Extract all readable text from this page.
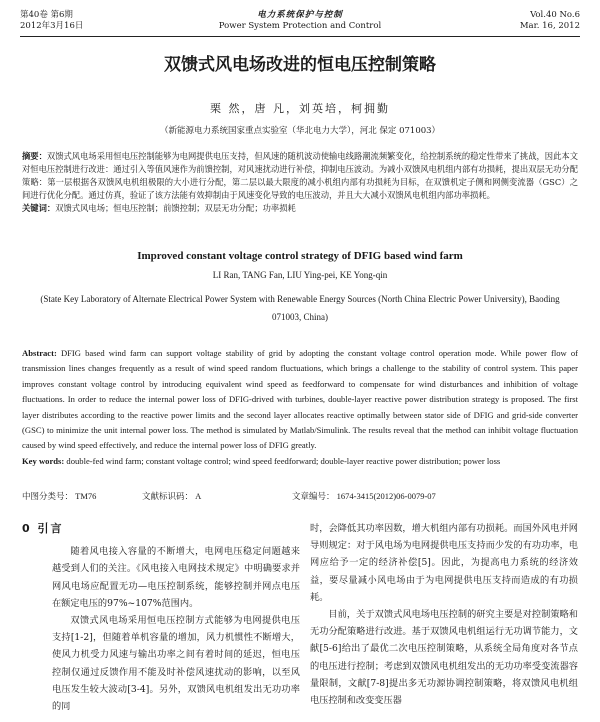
第40卷 第6期
2012年3月16日
电力系统保护与控制
Power System Protection and Control
Vol.40 No.6
Mar. 16, 2012
双馈式风电场改进的恒电压控制策略
栗 然，唐 凡，刘英培，柯拥勤
（新能源电力系统国家重点实验室（华北电力大学），河北 保定 071003）
摘要：双馈式风电场采用恒电压控制能够为电网提供电压支持，但风速的随机波动使输电线路潮流频繁变化，给控制系统的稳定性带来了挑战，因此本文对恒电压控制进行改进：通过引入等值风速作为前馈控制，对风速扰动进行补偿，抑制电压波动。为减小双馈风电机组内部有功损耗，提出双层无功分配策略：第一层根据各双馈风电机组极限的大小进行分配，第二层以最大限度的减小机组内部有功损耗为目标，在双馈机定子侧和网侧变流器（GSC）之间进行优化分配。通过仿真，验证了该方法能有效抑制由于风速变化导致的电压波动，并且大大减小双馈风电机组内部功率损耗。
关键词：双馈式风电场；恒电压控制；前馈控制；双层无功分配；功率损耗
Improved constant voltage control strategy of DFIG based wind farm
LI Ran, TANG Fan, LIU Ying-pei, KE Yong-qin
(State Key Laboratory of Alternate Electrical Power System with Renewable Energy Sources (North China Electric Power University), Baoding 071003, China)
Abstract: DFIG based wind farm can support voltage stability of grid by adopting the constant voltage control operation mode. While power flow of transmission lines changes frequently as a result of wind speed random fluctuations, which brings a challenge to the stability of control system. This paper improves constant voltage control by introducing equivalent wind speed as feedforward to compensate for wind disturbances and inhibition of voltage fluctuations. In order to reduce the internal power loss of DFIG-drived with turbines, double-layer reactive power distribution strategy is proposed. The first layer distributes according to the reactive power limits and the second layer allocates reactive optimally between stator side of DFIG and grid-side converter (GSC) to minimize the unit internal power loss. The method is simulated by Matlab/Simulink. The results reveal that the method can inhibit voltage fluctuation caused by wind speed effectively, and reduce the internal power loss of DFIG greatly.
Key words: double-fed wind farm; constant voltage control; wind speed feedforward; double-layer reactive power distribution; power loss
中图分类号： TM76	文献标识码： A	文章编号： 1674-3415(2012)06-0079-07
0 引言

随着风电接入容量的不断增大，电网电压稳定问题越来越受到人们的关注。《风电接入电网技术规定》中明确要求并网风电场应配置无功—电压控制系统，能够控制并网点电压在额定电压的97%~107%范围内。

双馈式风电场采用恒电压控制方式能够为电网提供电压支持[1-2]，但随着单机容量的增加，风力机惯性不断增大，使风力机受力风速与输出功率之间有着时间的延迟，恒电压控制仅通过反馈作用不能及时补偿风速扰动的影响，以至风电压发生较大波动[3-4]。另外，双馈风电机组发出无功功率的同

时，会降低其功率因数，增大机组内部有功损耗。而国外风电并网导则规定：对于风电场为电网提供电压支持而少发的有功功率，电网应给予一定的经济补偿[5]。因此，为提高电力系统的经济效益，要尽量减小风电场由于为电网提供电压支持而造成的有功损耗。

目前，关于双馈式风电场电压控制的研究主要是对控制策略和无功分配策略进行改进。基于双馈风电机组运行无功调节能力，文献[5-6]给出了最优二次电压控制策略，从系统全局角度对各节点的电压进行控制；考虑到双馈风电机组发出的无功功率受变流器容量限制，文献[7-8]提出多无功源协调控制策略，将双馈风电机组电压控制和改变变压器
